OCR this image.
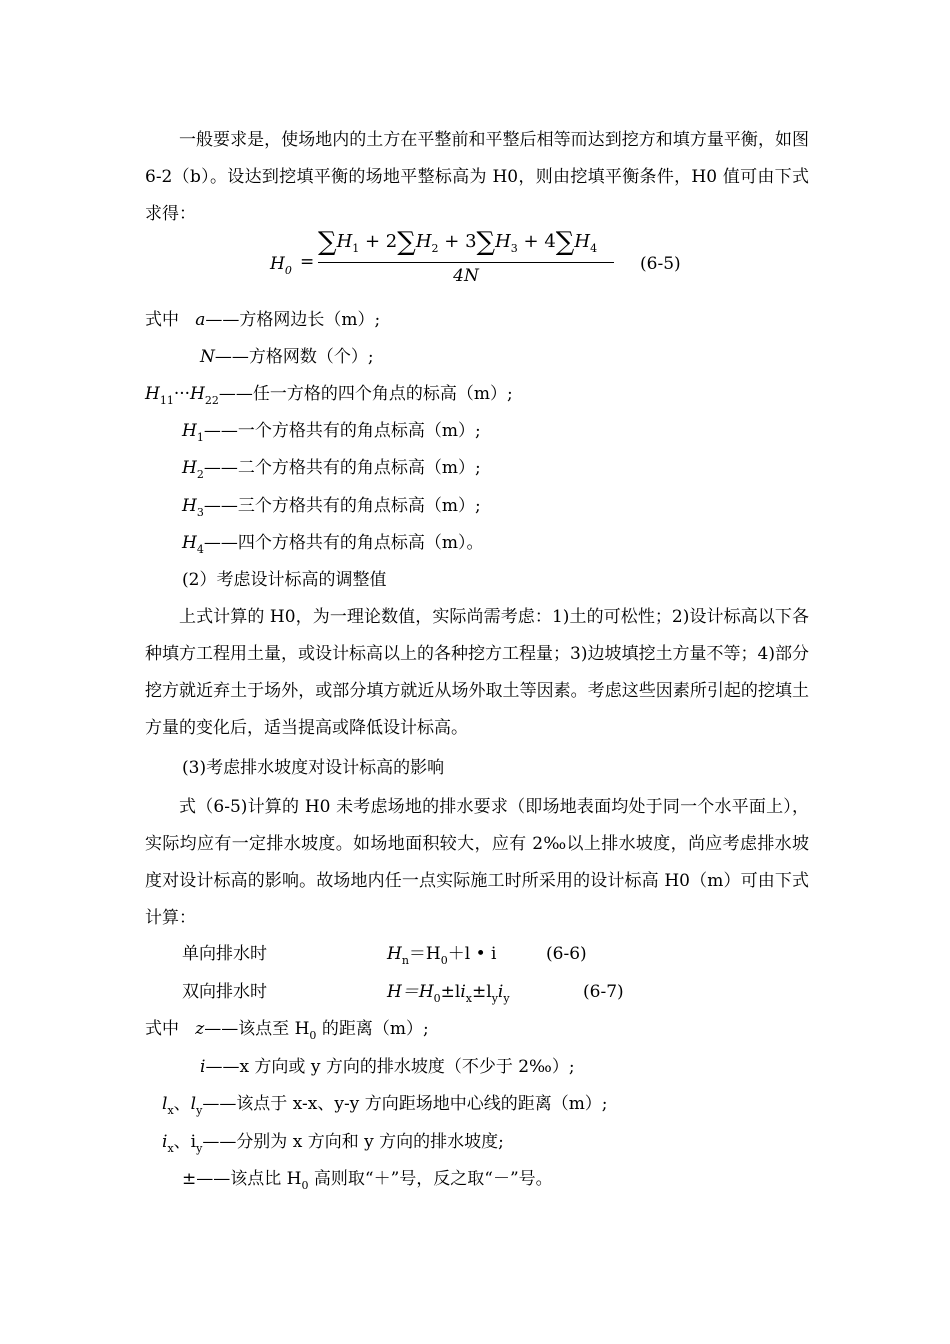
一般要求是，使场地内的土方在平整前和平整后相等而达到挖方和填方量平衡，如图 6-2（b）。设达到挖填平衡的场地平整标高为 H0，则由挖填平衡条件，H0 值可由下式求得：

$H_0$ =
$\sum H_1 + 2\sum H_2 + 3\sum H_3 + 4\sum H_4$
4N
(6-5)
式中 a——方格网边长（m）;
N——方格网数（个）;
$H_{11}\cdot\cdot\cdot H_{22}——$任一方格的四个角点的标高（m）;
$H_1——$一个方格共有的角点标高（m）;
$H_2——$二个方格共有的角点标高（m）;
$H_3——$三个方格共有的角点标高（m）;
$H_4——$四个方格共有的角点标高（m）。
(2）考虑设计标高的调整值

上式计算的 H0，为一理论数值，实际尚需考虑：1)土的可松性；2)设计标高以下各种填方工程用土量，或设计标高以上的各种挖方工程量；3)边坡填挖土方量不等；4)部分挖方就近弃土于场外，或部分填方就近从场外取土等因素。考虑这些因素所引起的挖填土方量的变化后，适当提高或降低设计标高。

(3)考虑排水坡度对设计标高的影响

式（6-5)计算的 H0 未考虑场地的排水要求（即场地表面均处于同一个水平面上），实际均应有一定排水坡度。如场地面积较大，应有 2‰以上排水坡度，尚应考虑排水坡度对设计标高的影响。故场地内任一点实际施工时所采用的设计标高 H0（m）可由下式计算：

单向排水时	$H_n=H_0+l$ • i	(6-6)
双向排水时	$H=H_0\pm li_x\pm l_yi_y$	(6-7)
式中 z——该点至 $H_0$ 的距离（m）;
i——x 方向或 y 方向的排水坡度（不少于 2‰）;
$l_x$、$l_y——$该点于 x-x、y-y 方向距场地中心线的距离（m）;
$i_x$、$i_y——$分别为 x 方向和 y 方向的排水坡度;
±——该点比 $H_0$ 高则取“＋”号，反之取“－”号。
